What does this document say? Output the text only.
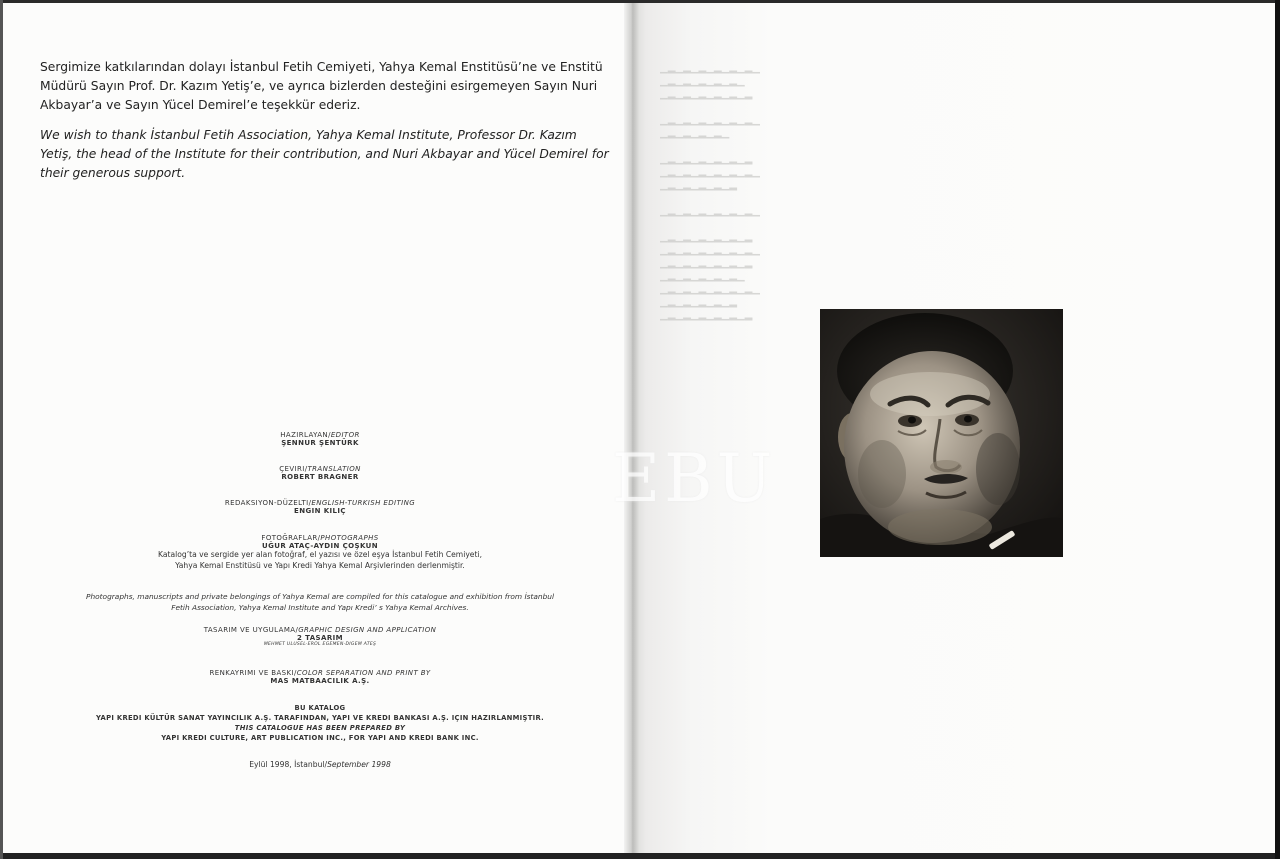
Sergimize katkılarından dolayı İstanbul Fetih Cemiyeti, Yahya Kemal Enstitüsü’ne ve Enstitü Müdürü Sayın Prof. Dr. Kazım Yetiş’e, ve ayrıca bizlerden desteğini esirgemeyen Sayın Nuri Akbayar’a ve Sayın Yücel Demirel’e teşekkür ederiz.
We wish to thank İstanbul Fetih Association, Yahya Kemal Institute, Professor Dr. Kazım Yetiş, the head of the Institute for their contribution, and Nuri Akbayar and Yücel Demirel for their generous support.
HAZIRLAYAN/EDITOR
ŞENNUR ŞENTÜRK
ÇEVIRI/TRANSLATION
ROBERT BRAGNER
REDAKSIYON-DÜZELTI/ENGLISH-TURKISH EDITING
ENGIN KILIÇ
FOTOĞRAFLAR/PHOTOGRAPHS
UĞUR ATAÇ-AYDIN ÇOŞKUN
Katalog’ta ve sergide yer alan fotoğraf, el yazısı ve özel eşya İstanbul Fetih Cemiyeti,
Yahya Kemal Enstitüsü ve Yapı Kredi Yahya Kemal Arşivlerinden derlenmiştir.
Photographs, manuscripts and private belongings of Yahya Kemal are compiled for this catalogue and exhibition from İstanbul
Fetih Association, Yahya Kemal Institute and Yapı Kredi’ s Yahya Kemal Archives.
TASARIM VE UYGULAMA/GRAPHIC DESIGN AND APPLICATION
2 TASARIM
MEHMET ULUSEL-EROL EGEMEN-DIGEM ATEŞ
RENKAYRIMI VE BASKI/COLOR SEPARATION AND PRINT BY
MAS MATBAACILIK A.Ş.
BU KATALOG
YAPI KREDI KÜLTÜR SANAT YAYINCILIK A.Ş. TARAFINDAN, YAPI VE KREDI BANKASI A.Ş. IÇIN HAZIRLANMIŞTIR.
THIS CATALOGUE HAS BEEN PREPARED BY
YAPI KREDI CULTURE, ART PUBLICATION INC., FOR YAPI AND KREDI BANK INC.
Eylül 1998, İstanbul/September 1998
▁▂▁▂▁▂▁▂▁▂▁▂▁
▁▂▁▂▁▂▁▂▁▂▁
▁▂▁▂▁▂▁▂▁▂▁▂

▁▂▁▂▁▂▁▂▁▂▁▂▁
▁▂▁▂▁▂▁▂▁

▁▂▁▂▁▂▁▂▁▂▁▂
▁▂▁▂▁▂▁▂▁▂▁▂▁
▁▂▁▂▁▂▁▂▁▂

▁▂▁▂▁▂▁▂▁▂▁▂▁

▁▂▁▂▁▂▁▂▁▂▁▂
▁▂▁▂▁▂▁▂▁▂▁▂▁
▁▂▁▂▁▂▁▂▁▂▁▂
▁▂▁▂▁▂▁▂▁▂▁
▁▂▁▂▁▂▁▂▁▂▁▂▁
▁▂▁▂▁▂▁▂▁▂
▁▂▁▂▁▂▁▂▁▂▁▂
EBU
